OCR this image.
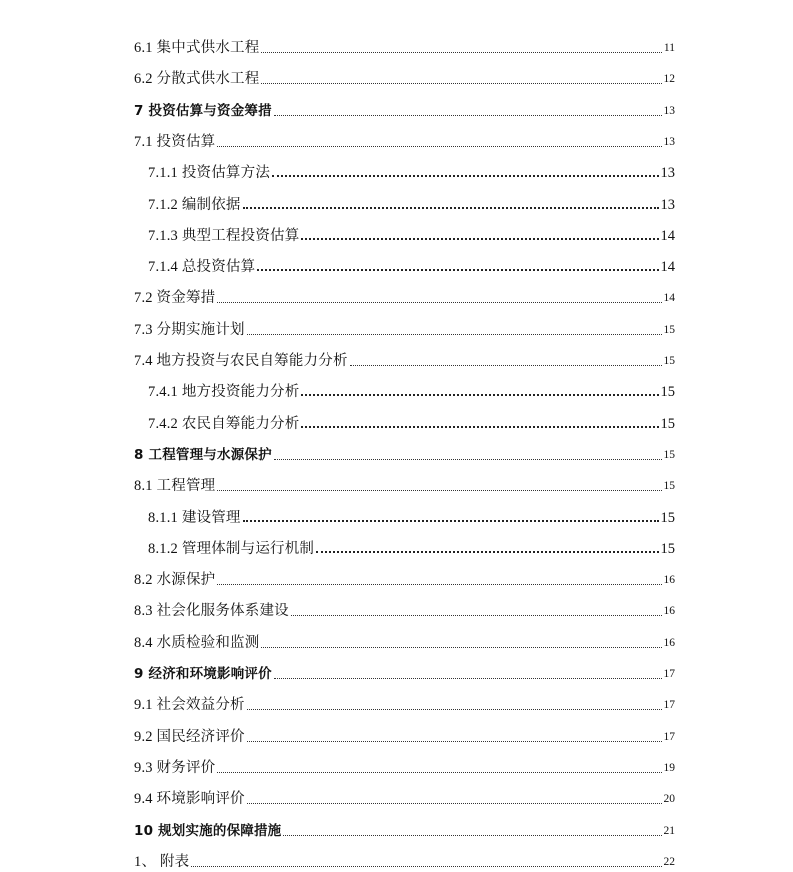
6.1 集中式供水工程	11
6.2 分散式供水工程	12
7 投资估算与资金筹措	13
7.1 投资估算	13
7.1.1 投资估算方法	13
7.1.2 编制依据	13
7.1.3 典型工程投资估算	14
7.1.4 总投资估算	14
7.2 资金筹措	14
7.3 分期实施计划	15
7.4 地方投资与农民自筹能力分析	15
7.4.1 地方投资能力分析	15
7.4.2 农民自筹能力分析	15
8 工程管理与水源保护	15
8.1 工程管理	15
8.1.1 建设管理	15
8.1.2 管理体制与运行机制	15
8.2 水源保护	16
8.3 社会化服务体系建设	16
8.4 水质检验和监测	16
9 经济和环境影响评价	17
9.1 社会效益分析	17
9.2 国民经济评价	17
9.3 财务评价	19
9.4 环境影响评价	20
10 规划实施的保障措施	21
1、 附表	22
